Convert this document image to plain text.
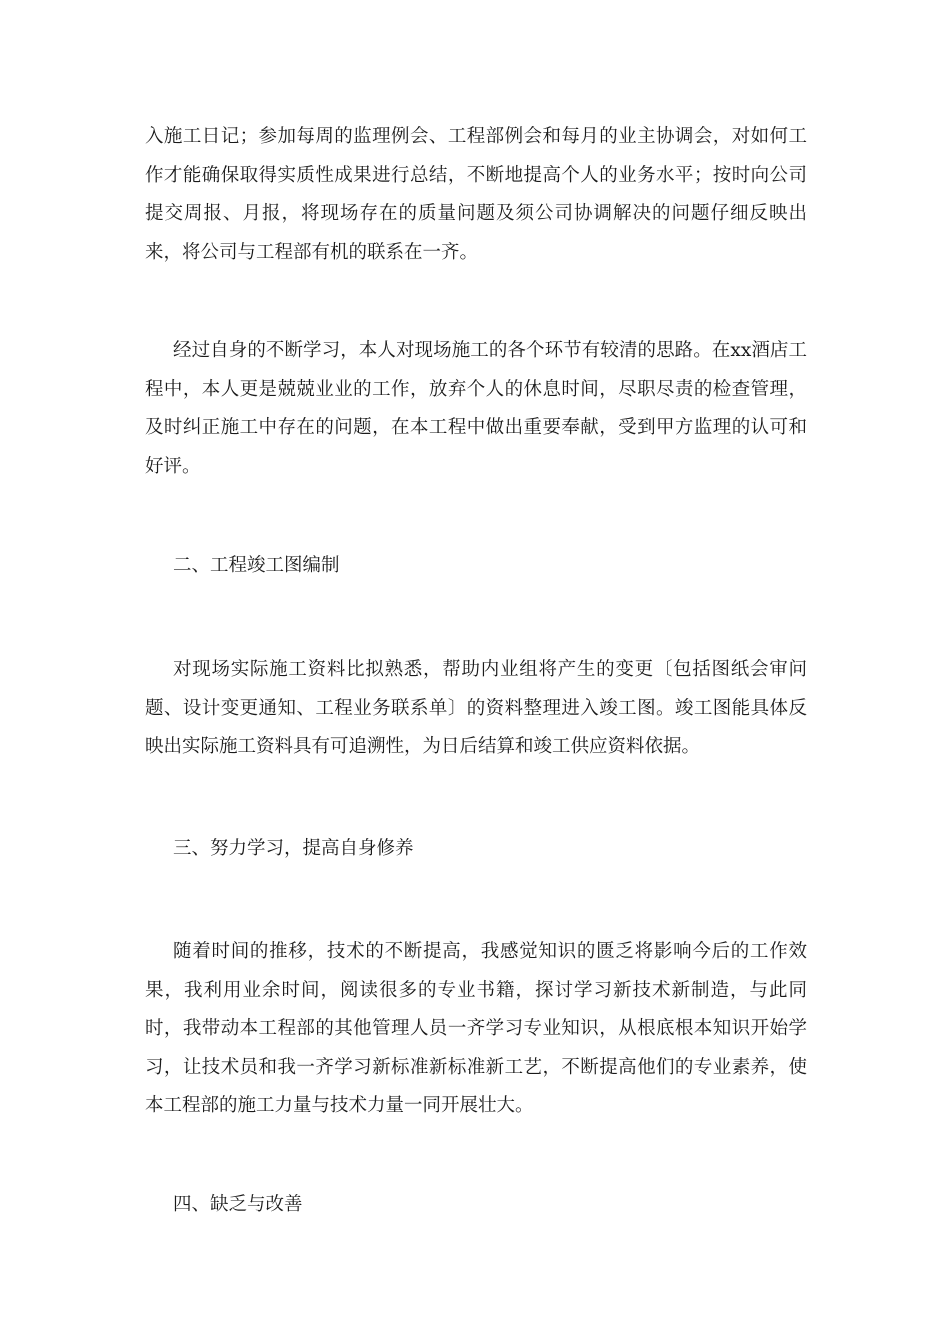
入施工日记；参加每周的监理例会、工程部例会和每月的业主协调会，对如何工作才能确保取得实质性成果进行总结，不断地提高个人的业务水平；按时向公司提交周报、月报，将现场存在的质量问题及须公司协调解决的问题仔细反映出来，将公司与工程部有机的联系在一齐。

经过自身的不断学习，本人对现场施工的各个环节有较清的思路。在xx酒店工程中，本人更是兢兢业业的工作，放弃个人的休息时间，尽职尽责的检查管理，及时纠正施工中存在的问题，在本工程中做出重要奉献，受到甲方监理的认可和好评。

二、工程竣工图编制

对现场实际施工资料比拟熟悉，帮助内业组将产生的变更〔包括图纸会审问题、设计变更通知、工程业务联系单〕的资料整理进入竣工图。竣工图能具体反映出实际施工资料具有可追溯性，为日后结算和竣工供应资料依据。

三、努力学习，提高自身修养

随着时间的推移，技术的不断提高，我感觉知识的匮乏将影响今后的工作效果，我利用业余时间，阅读很多的专业书籍，探讨学习新技术新制造，与此同时，我带动本工程部的其他管理人员一齐学习专业知识，从根底根本知识开始学习，让技术员和我一齐学习新标准新标准新工艺，不断提高他们的专业素养，使本工程部的施工力量与技术力量一同开展壮大。

四、缺乏与改善
